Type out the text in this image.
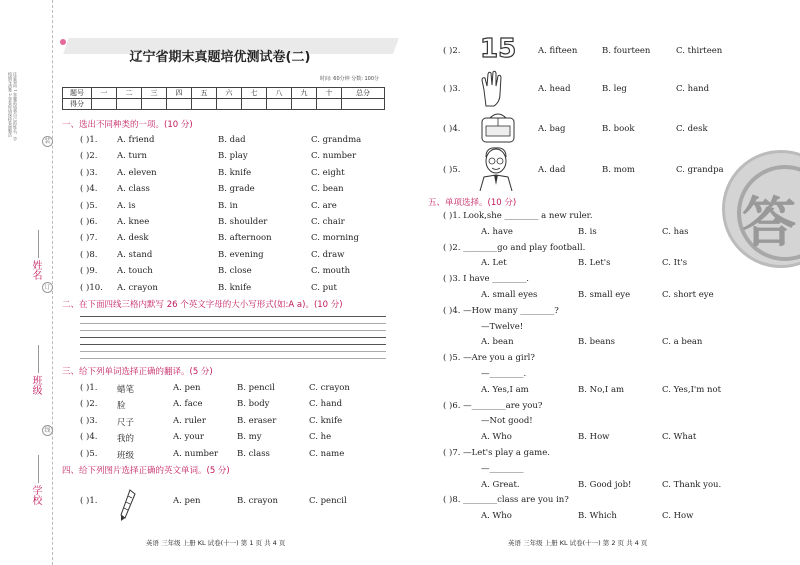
注意事项 1.答题前请将自己的姓名、学校填写清楚 2.答卷时请保持卷面整洁
装
姓名
订
班级
线
学校
辽宁省期末真题培优测试卷(二)
时间: 60分钟 分数: 100分
题号	一	二	三	四	五	六	七	八	九	十	总分
得分											
一、选出不同种类的一项。(10 分)
( )1. A. friend	B. dad	C. grandma
( )2. A. turn	B. play	C. number
( )3. A. eleven	B. knife	C. eight
( )4. A. class	B. grade	C. bean
( )5. A. is	B. in	C. are
( )6. A. knee	B. shoulder	C. chair
( )7. A. desk	B. afternoon	C. morning
( )8. A. stand	B. evening	C. draw
( )9. A. touch	B. close	C. mouth
( )10. A. crayon	B. knife	C. put
二、在下面四线三格内默写 26 个英文字母的大小写形式(如:A a)。(10 分)
三、给下列单词选择正确的翻译。(5 分)
( )1. 蜡笔	A. pen	B. pencil	C. crayon
( )2. 脸	A. face	B. body	C. hand
( )3. 尺子	A. ruler	B. eraser	C. knife
( )4. 我的	A. your	B. my	C. he
( )5. 班级	A. number B. class	C. name
四、给下列图片选择正确的英文单词。(5 分)
( )1.	A. pen	B. crayon	C. pencil
( )2. 15	A. fifteen	B. fourteen	C. thirteen
( )3.	A. head	B. leg	C. hand
( )4.	A. bag	B. book	C. desk
( )5.	A. dad	B. mom	C. grandpa
答
五、单项选择。(10 分)
( )1. Look,she ________ a new ruler.
A. have	B. is	C. has
( )2. ________go and play football.
A. Let	B. Let's	C. It's
( )3. I have ________.
A. small eyes	B. small eye	C. short eye
( )4. —How many ________?
—Twelve!
A. bean	B. beans	C. a bean
( )5. —Are you a girl?
—________.
A. Yes,I am	B. No,I am	C. Yes,I'm not
( )6. —________are you?
—Not good!
A. Who	B. How	C. What
( )7. —Let's play a game.
—________
A. Great.	B. Good job!	C. Thank you.
( )8. ________class are you in?
A. Who	B. Which	C. How
英语 三年级 上册 KL 试卷(十一) 第 1 页 共 4 页	英语 三年级 上册 KL 试卷(十一) 第 2 页 共 4 页
